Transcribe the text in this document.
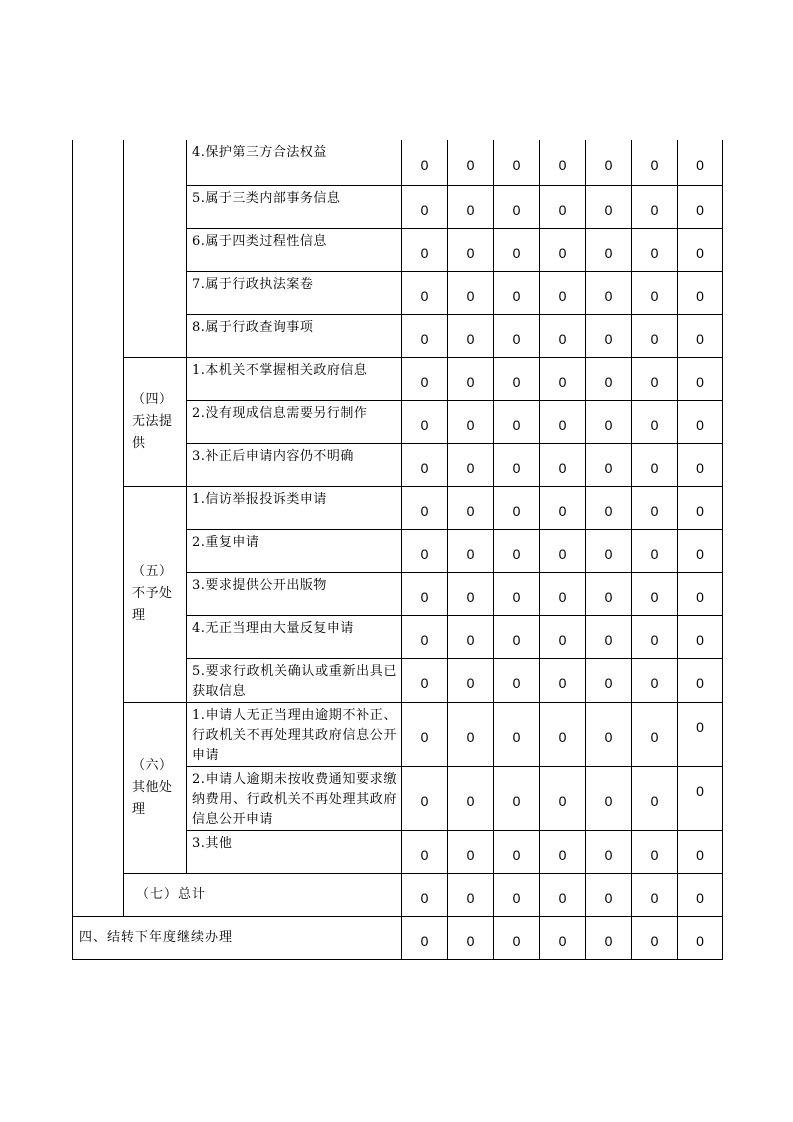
		4.保护第三方合法权益	0	0	0	0	0	0	0
		5.属于三类内部事务信息	0	0	0	0	0	0	0
		6.属于四类过程性信息	0	0	0	0	0	0	0
		7.属于行政执法案卷	0	0	0	0	0	0	0
		8.属于行政查询事项	0	0	0	0	0	0	0
	（四）无法提供	1.本机关不掌握相关政府信息	0	0	0	0	0	0	0
		2.没有现成信息需要另行制作	0	0	0	0	0	0	0
		3.补正后申请内容仍不明确	0	0	0	0	0	0	0
	（五）不予处理	1.信访举报投诉类申请	0	0	0	0	0	0	0
		2.重复申请	0	0	0	0	0	0	0
		3.要求提供公开出版物	0	0	0	0	0	0	0
		4.无正当理由大量反复申请	0	0	0	0	0	0	0
		5.要求行政机关确认或重新出具已获取信息	0	0	0	0	0	0	0
	（六）其他处理	1.申请人无正当理由逾期不补正、行政机关不再处理其政府信息公开申请	0	0	0	0	0	0	0
		2.申请人逾期未按收费通知要求缴纳费用、行政机关不再处理其政府信息公开申请	0	0	0	0	0	0	0
		3.其他	0	0	0	0	0	0	0
	（七）总计		0	0	0	0	0	0	0
四、结转下年度继续办理			0	0	0	0	0	0	0
